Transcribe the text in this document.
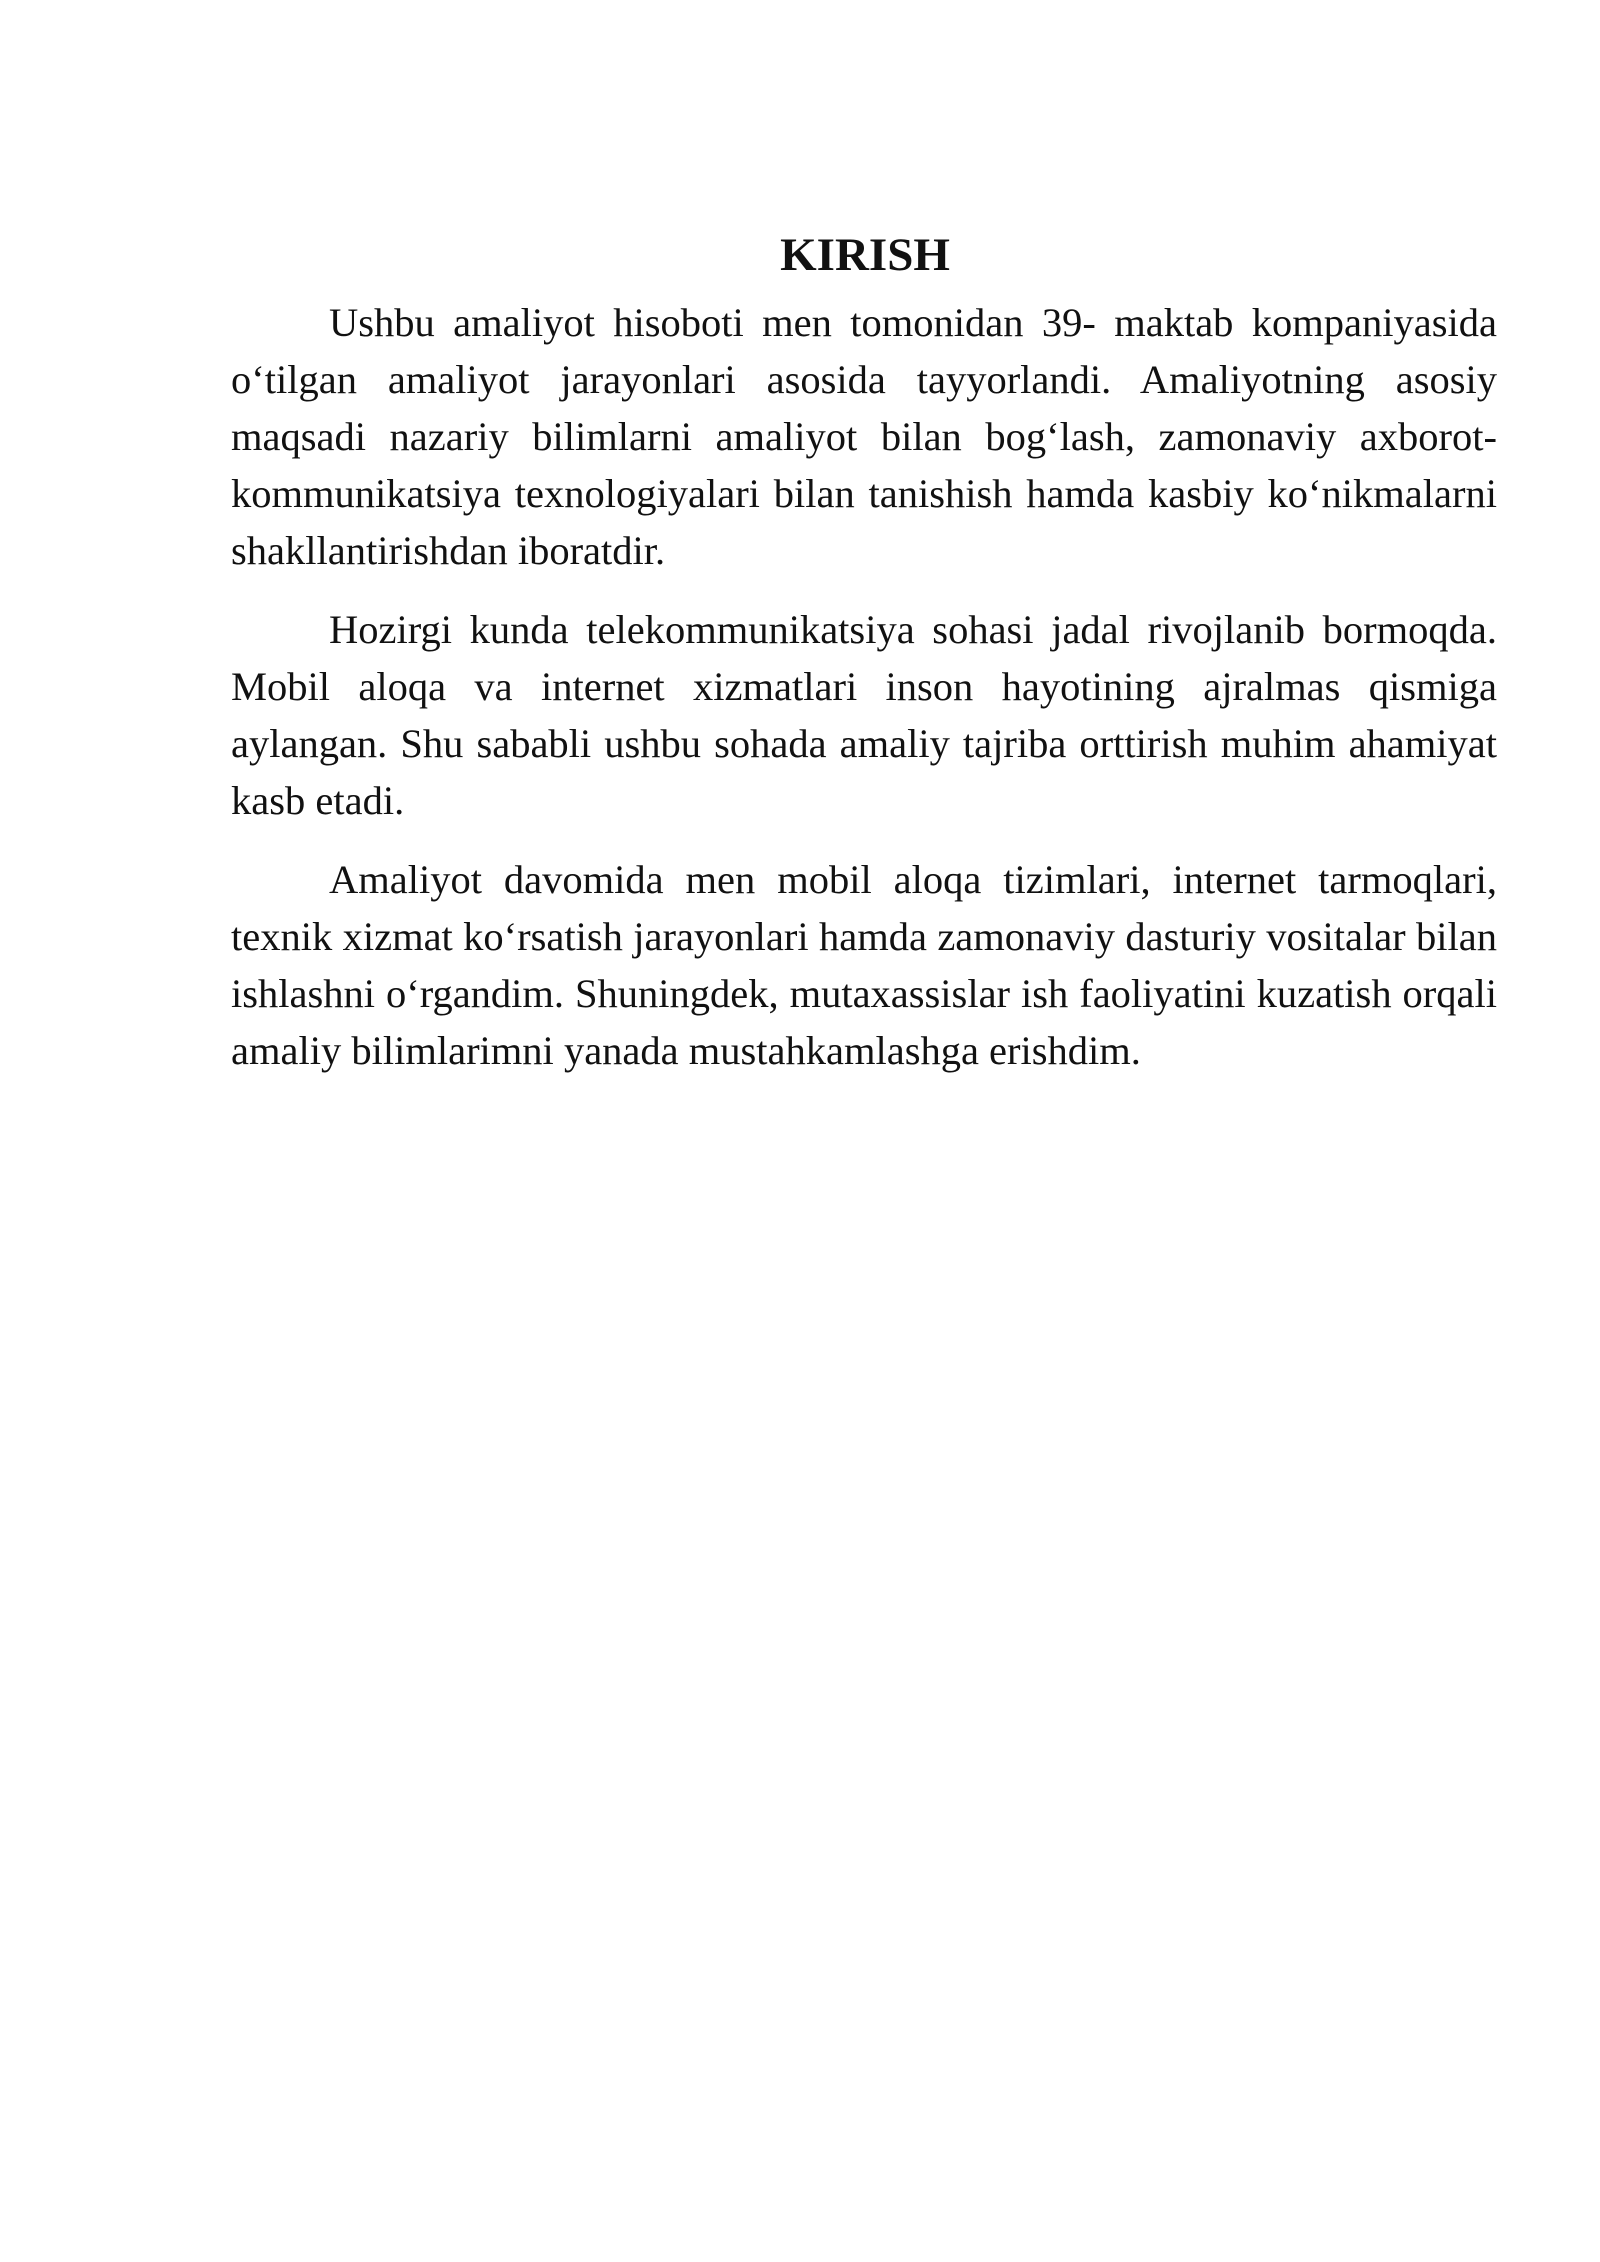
KIRISH

Ushbu amaliyot hisoboti men tomonidan 39- maktab kompaniyasida o‘tilgan amaliyot jarayonlari asosida tayyorlandi. Amaliyotning asosiy maqsadi nazariy bilimlarni amaliyot bilan bog‘lash, zamonaviy axborot-kommunikatsiya texnologiyalari bilan tanishish hamda kasbiy ko‘nikmalarni shakllantirishdan iboratdir.

Hozirgi kunda telekommunikatsiya sohasi jadal rivojlanib bormoqda. Mobil aloqa va internet xizmatlari inson hayotining ajralmas qismiga aylangan. Shu sababli ushbu sohada amaliy tajriba orttirish muhim ahamiyat kasb etadi.

Amaliyot davomida men mobil aloqa tizimlari, internet tarmoqlari, texnik xizmat ko‘rsatish jarayonlari hamda zamonaviy dasturiy vositalar bilan ishlashni o‘rgandim. Shuningdek, mutaxassislar ish faoliyatini kuzatish orqali amaliy bilimlarimni yanada mustahkamlashga erishdim.
